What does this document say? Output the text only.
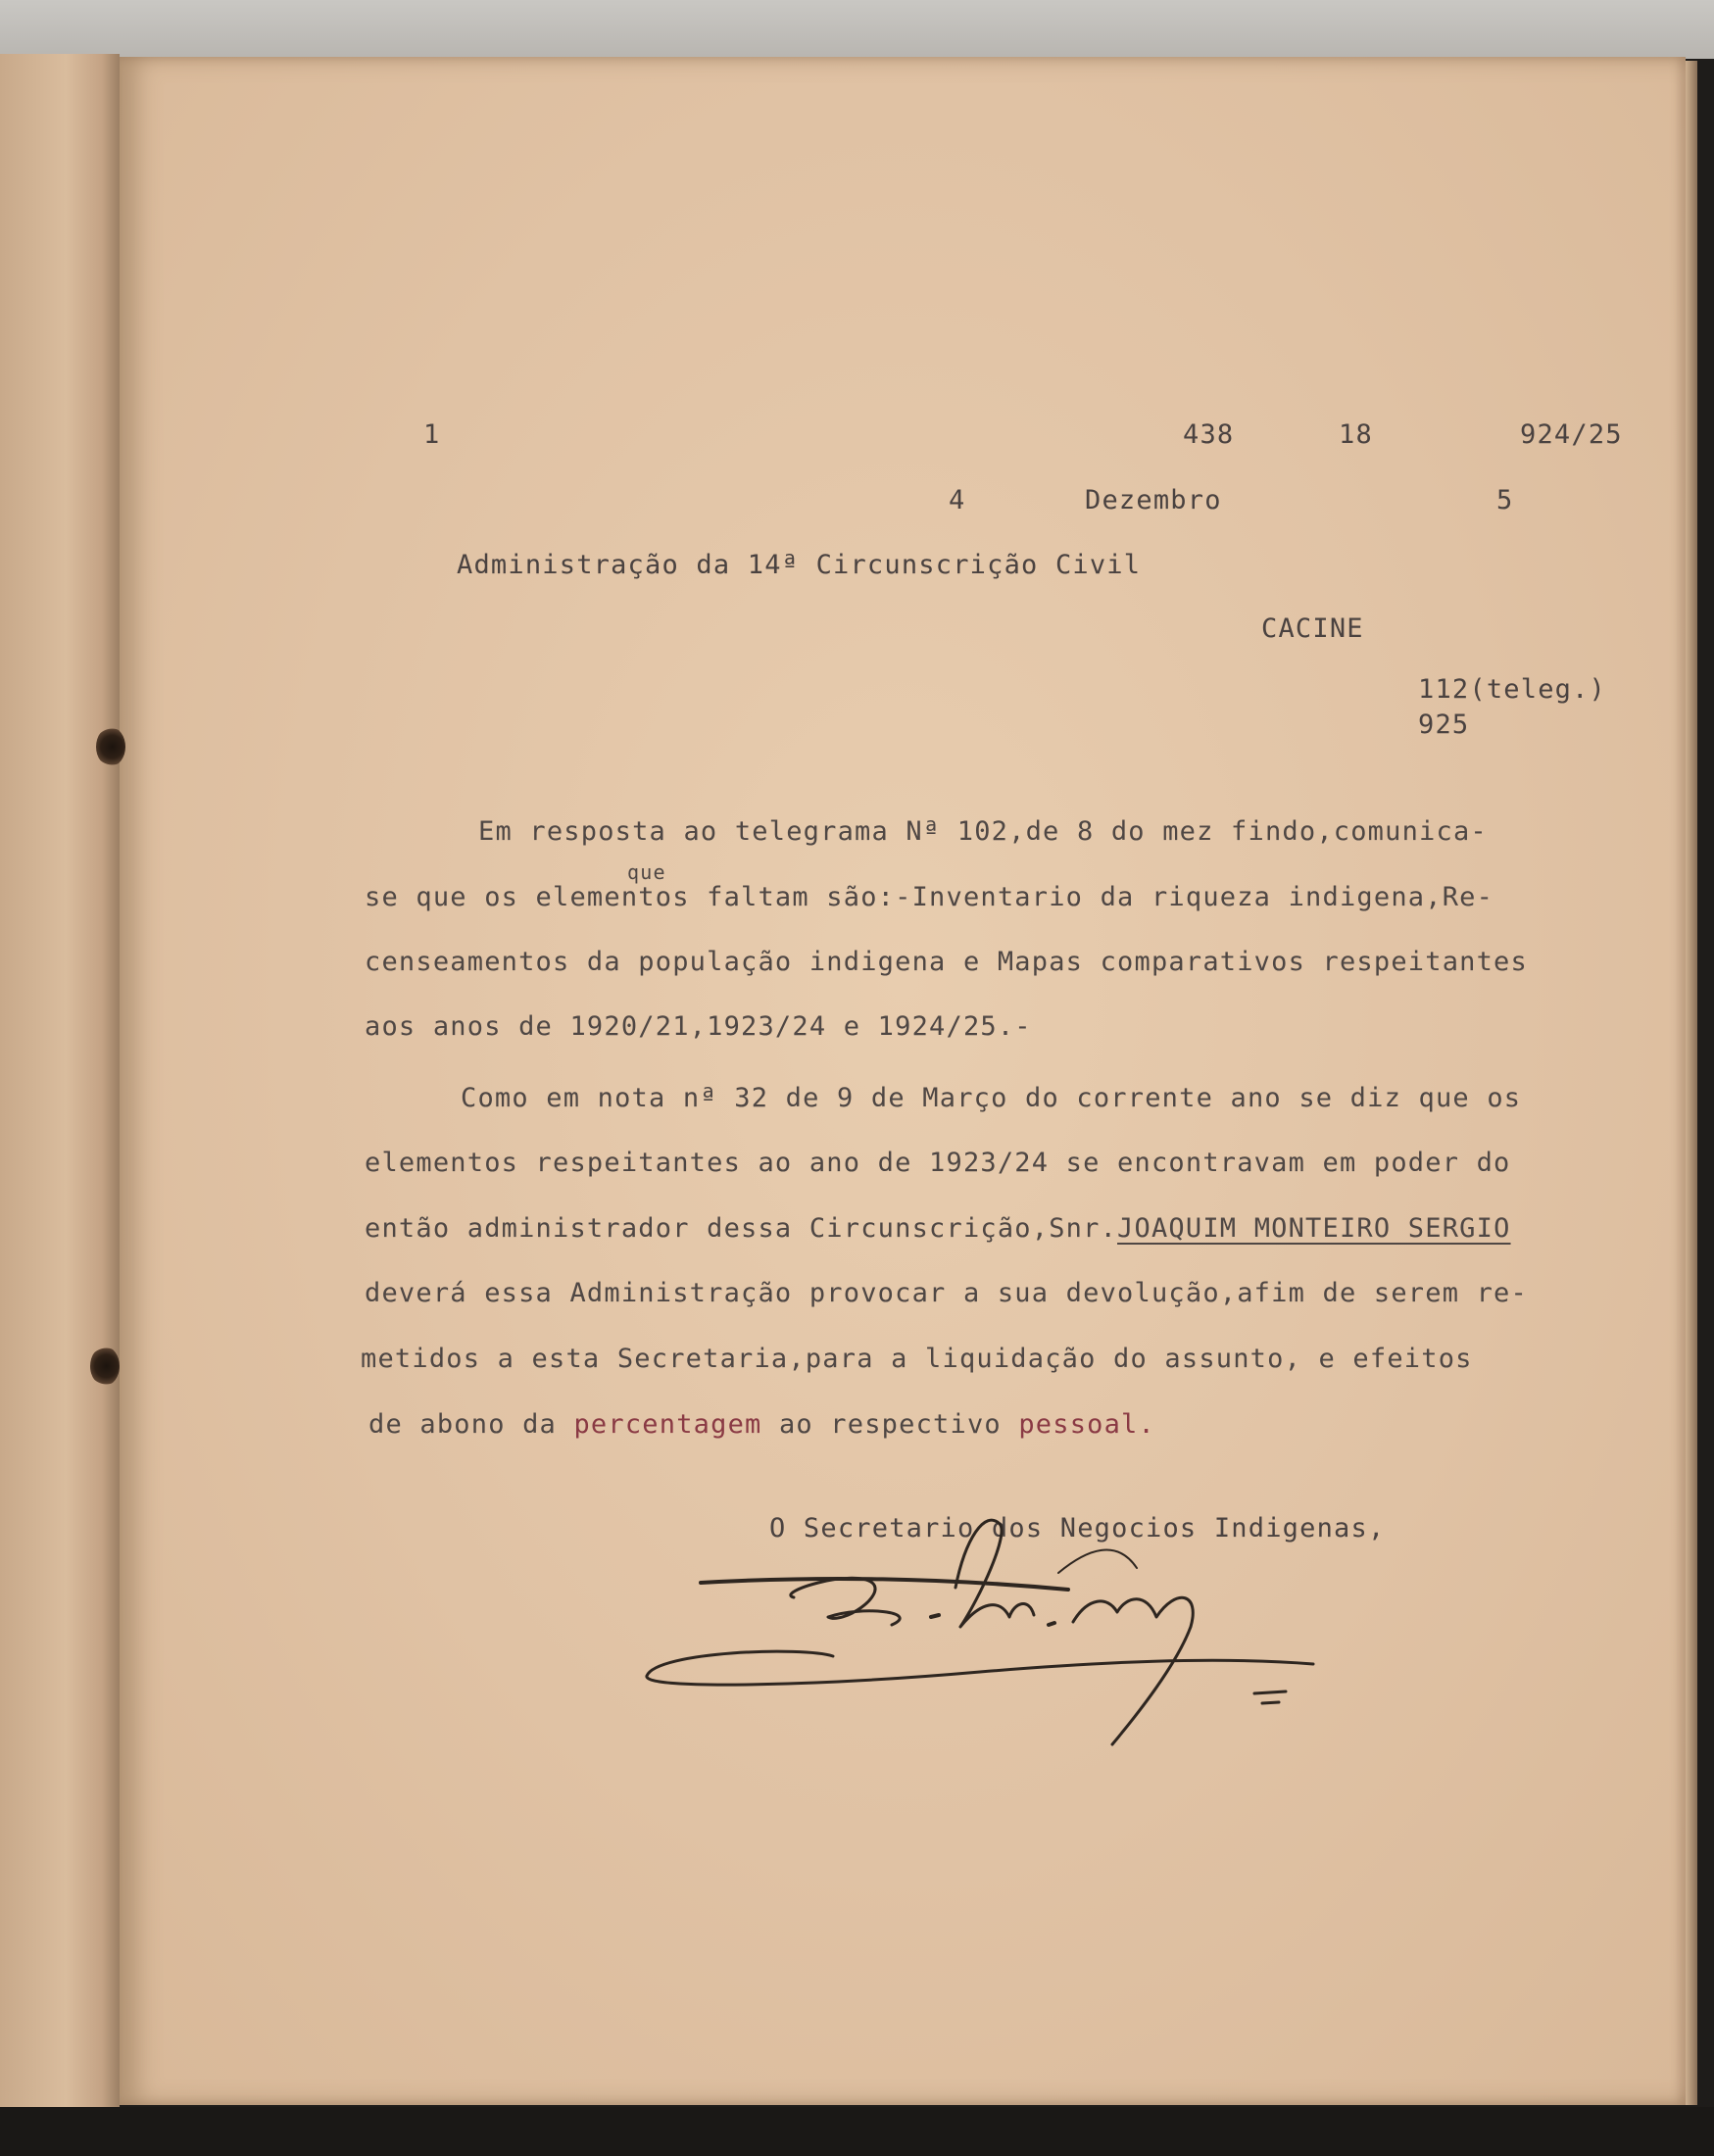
1	438	18	924/25
4	Dezembro	5
Administração da 14ª Circunscrição Civil
CACINE
112(teleg.)
925
Em resposta ao telegrama Nª 102,de 8 do mez findo,comunica-
que
se que os elementos faltam são:-Inventario da riqueza indigena,Re-
censeamentos da população indigena e Mapas comparativos respeitantes
aos anos de 1920/21,1923/24 e 1924/25.-
Como em nota nª 32 de 9 de Março do corrente ano se diz que os
elementos respeitantes ao ano de 1923/24 se encontravam em poder do
então administrador dessa Circunscrição,Snr.JOAQUIM MONTEIRO SERGIO
deverá essa Administração provocar a sua devolução,afim de serem re-
metidos a esta Secretaria,para a liquidação do assunto, e efeitos
de abono da percentagem ao respectivo pessoal.
O Secretario dos Negocios Indigenas,
